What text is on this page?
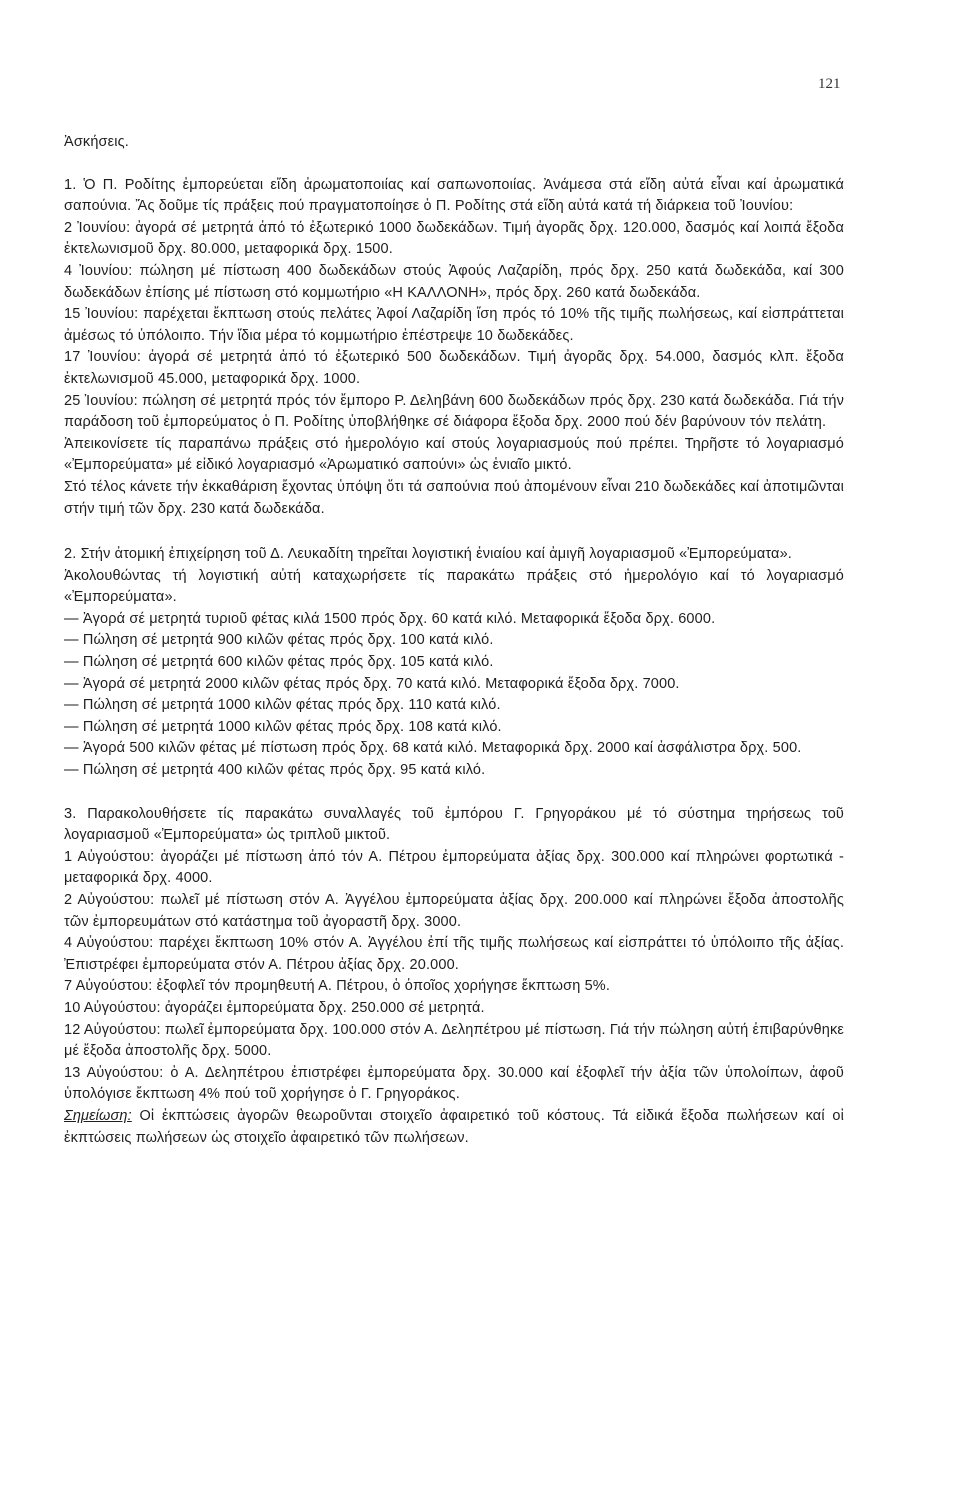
121

Ἀσκήσεις.

1. Ὁ Π. Ροδίτης ἐμπορεύεται εἴδη ἀρωματοποιίας καί σαπωνοποιίας. Ἀνάμεσα στά εἴδη αὐτά εἶναι καί ἀρωματικά σαπούνια. Ἄς δοῦμε τίς πράξεις πού πραγματοποίησε ὁ Π. Ροδίτης στά εἴδη αὐτά κατά τή διάρκεια τοῦ Ἰουνίου:

2 Ἰουνίου: ἀγορά σέ μετρητά ἀπό τό ἐξωτερικό 1000 δωδεκάδων. Τιμή ἀγορᾶς δρχ. 120.000, δασμός καί λοιπά ἔξοδα ἐκτελωνισμοῦ δρχ. 80.000, μεταφορικά δρχ. 1500.

4 Ἰουνίου: πώληση μέ πίστωση 400 δωδεκάδων στούς Ἀφούς Λαζαρίδη, πρός δρχ. 250 κατά δωδεκάδα, καί 300 δωδεκάδων ἐπίσης μέ πίστωση στό κομμωτήριο «Η ΚΑΛΛΟΝΗ», πρός δρχ. 260 κατά δωδεκάδα.

15 Ἰουνίου: παρέχεται ἔκπτωση στούς πελάτες Ἀφοί Λαζαρίδη ἴση πρός τό 10% τῆς τιμῆς πωλήσεως, καί εἰσπράττεται ἀμέσως τό ὑπόλοιπο. Τήν ἴδια μέρα τό κομμωτήριο ἐπέστρεψε 10 δωδεκάδες.

17 Ἰουνίου: ἀγορά σέ μετρητά ἀπό τό ἐξωτερικό 500 δωδεκάδων. Τιμή ἀγορᾶς δρχ. 54.000, δασμός κλπ. ἔξοδα ἐκτελωνισμοῦ 45.000, μεταφορικά δρχ. 1000.

25 Ἰουνίου: πώληση σέ μετρητά πρός τόν ἔμπορο Ρ. Δεληβάνη 600 δωδεκάδων πρός δρχ. 230 κατά δωδεκάδα. Γιά τήν παράδοση τοῦ ἐμπορεύματος ὁ Π. Ροδίτης ὑποβλήθηκε σέ διάφορα ἔξοδα δρχ. 2000 πού δέν βαρύνουν τόν πελάτη.

Ἀπεικονίσετε τίς παραπάνω πράξεις στό ἡμερολόγιο καί στούς λογαριασμούς πού πρέπει. Τηρῆστε τό λογαριασμό «Ἐμπορεύματα» μέ εἰδικό λογαριασμό «Ἀρωματικό σαπούνι» ὡς ἑνιαῖο μικτό.

Στό τέλος κάνετε τήν ἐκκαθάριση ἔχοντας ὑπόψη ὅτι τά σαπούνια πού ἀπομένουν εἶναι 210 δωδεκάδες καί ἀποτιμῶνται στήν τιμή τῶν δρχ. 230 κατά δωδεκάδα.

2. Στήν ἀτομική ἐπιχείρηση τοῦ Δ. Λευκαδίτη τηρεῖται λογιστική ἑνιαίου καί ἀμιγῆ λογαριασμοῦ «Ἐμπορεύματα».

Ἀκολουθώντας τή λογιστική αὐτή καταχωρήσετε τίς παρακάτω πράξεις στό ἡμερολόγιο καί τό λογαριασμό «Ἐμπορεύματα».

— Ἀγορά σέ μετρητά τυριοῦ φέτας κιλά 1500 πρός δρχ. 60 κατά κιλό. Μεταφορικά ἔξοδα δρχ. 6000.

— Πώληση σέ μετρητά 900 κιλῶν φέτας πρός δρχ. 100 κατά κιλό.

— Πώληση σέ μετρητά 600 κιλῶν φέτας πρός δρχ. 105 κατά κιλό.

— Ἀγορά σέ μετρητά 2000 κιλῶν φέτας πρός δρχ. 70 κατά κιλό. Μεταφορικά ἔξοδα δρχ. 7000.

— Πώληση σέ μετρητά 1000 κιλῶν φέτας πρός δρχ. 110 κατά κιλό.

— Πώληση σέ μετρητά 1000 κιλῶν φέτας πρός δρχ. 108 κατά κιλό.

— Ἀγορά 500 κιλῶν φέτας μέ πίστωση πρός δρχ. 68 κατά κιλό. Μεταφορικά δρχ. 2000 καί ἀσφάλιστρα δρχ. 500.

— Πώληση σέ μετρητά 400 κιλῶν φέτας πρός δρχ. 95 κατά κιλό.

3. Παρακολουθήσετε τίς παρακάτω συναλλαγές τοῦ ἐμπόρου Γ. Γρηγοράκου μέ τό σύστημα τηρήσεως τοῦ λογαριασμοῦ «Ἐμπορεύματα» ὡς τριπλοῦ μικτοῦ.

1 Αὐγούστου: ἀγοράζει μέ πίστωση ἀπό τόν Α. Πέτρου ἐμπορεύματα ἀξίας δρχ. 300.000 καί πληρώνει φορτωτικά - μεταφορικά δρχ. 4000.

2 Αὐγούστου: πωλεῖ μέ πίστωση στόν Α. Ἀγγέλου ἐμπορεύματα ἀξίας δρχ. 200.000 καί πληρώνει ἔξοδα ἀποστολῆς τῶν ἐμπορευμάτων στό κατάστημα τοῦ ἀγοραστῆ δρχ. 3000.

4 Αὐγούστου: παρέχει ἔκπτωση 10% στόν Α. Ἀγγέλου ἐπί τῆς τιμῆς πωλήσεως καί εἰσπράττει τό ὑπόλοιπο τῆς ἀξίας. Ἐπιστρέφει ἐμπορεύματα στόν Α. Πέτρου ἀξίας δρχ. 20.000.

7 Αὐγούστου: ἐξοφλεῖ τόν προμηθευτή Α. Πέτρου, ὁ ὁποῖος χορήγησε ἔκπτωση 5%.

10 Αὐγούστου: ἀγοράζει ἐμπορεύματα δρχ. 250.000 σέ μετρητά.

12 Αὐγούστου: πωλεῖ ἐμπορεύματα δρχ. 100.000 στόν Α. Δεληπέτρου μέ πίστωση. Γιά τήν πώληση αὐτή ἐπιβαρύνθηκε μέ ἔξοδα ἀποστολῆς δρχ. 5000.

13 Αὐγούστου: ὁ Α. Δεληπέτρου ἐπιστρέφει ἐμπορεύματα δρχ. 30.000 καί ἐξοφλεῖ τήν ἀξία τῶν ὑπολοίπων, ἀφοῦ ὑπολόγισε ἔκπτωση 4% πού τοῦ χορήγησε ὁ Γ. Γρηγοράκος.

Σημείωση: Οἱ ἐκπτώσεις ἀγορῶν θεωροῦνται στοιχεῖο ἀφαιρετικό τοῦ κόστους. Τά εἰδικά ἔξοδα πωλήσεων καί οἱ ἐκπτώσεις πωλήσεων ὡς στοιχεῖο ἀφαιρετικό τῶν πωλήσεων.
